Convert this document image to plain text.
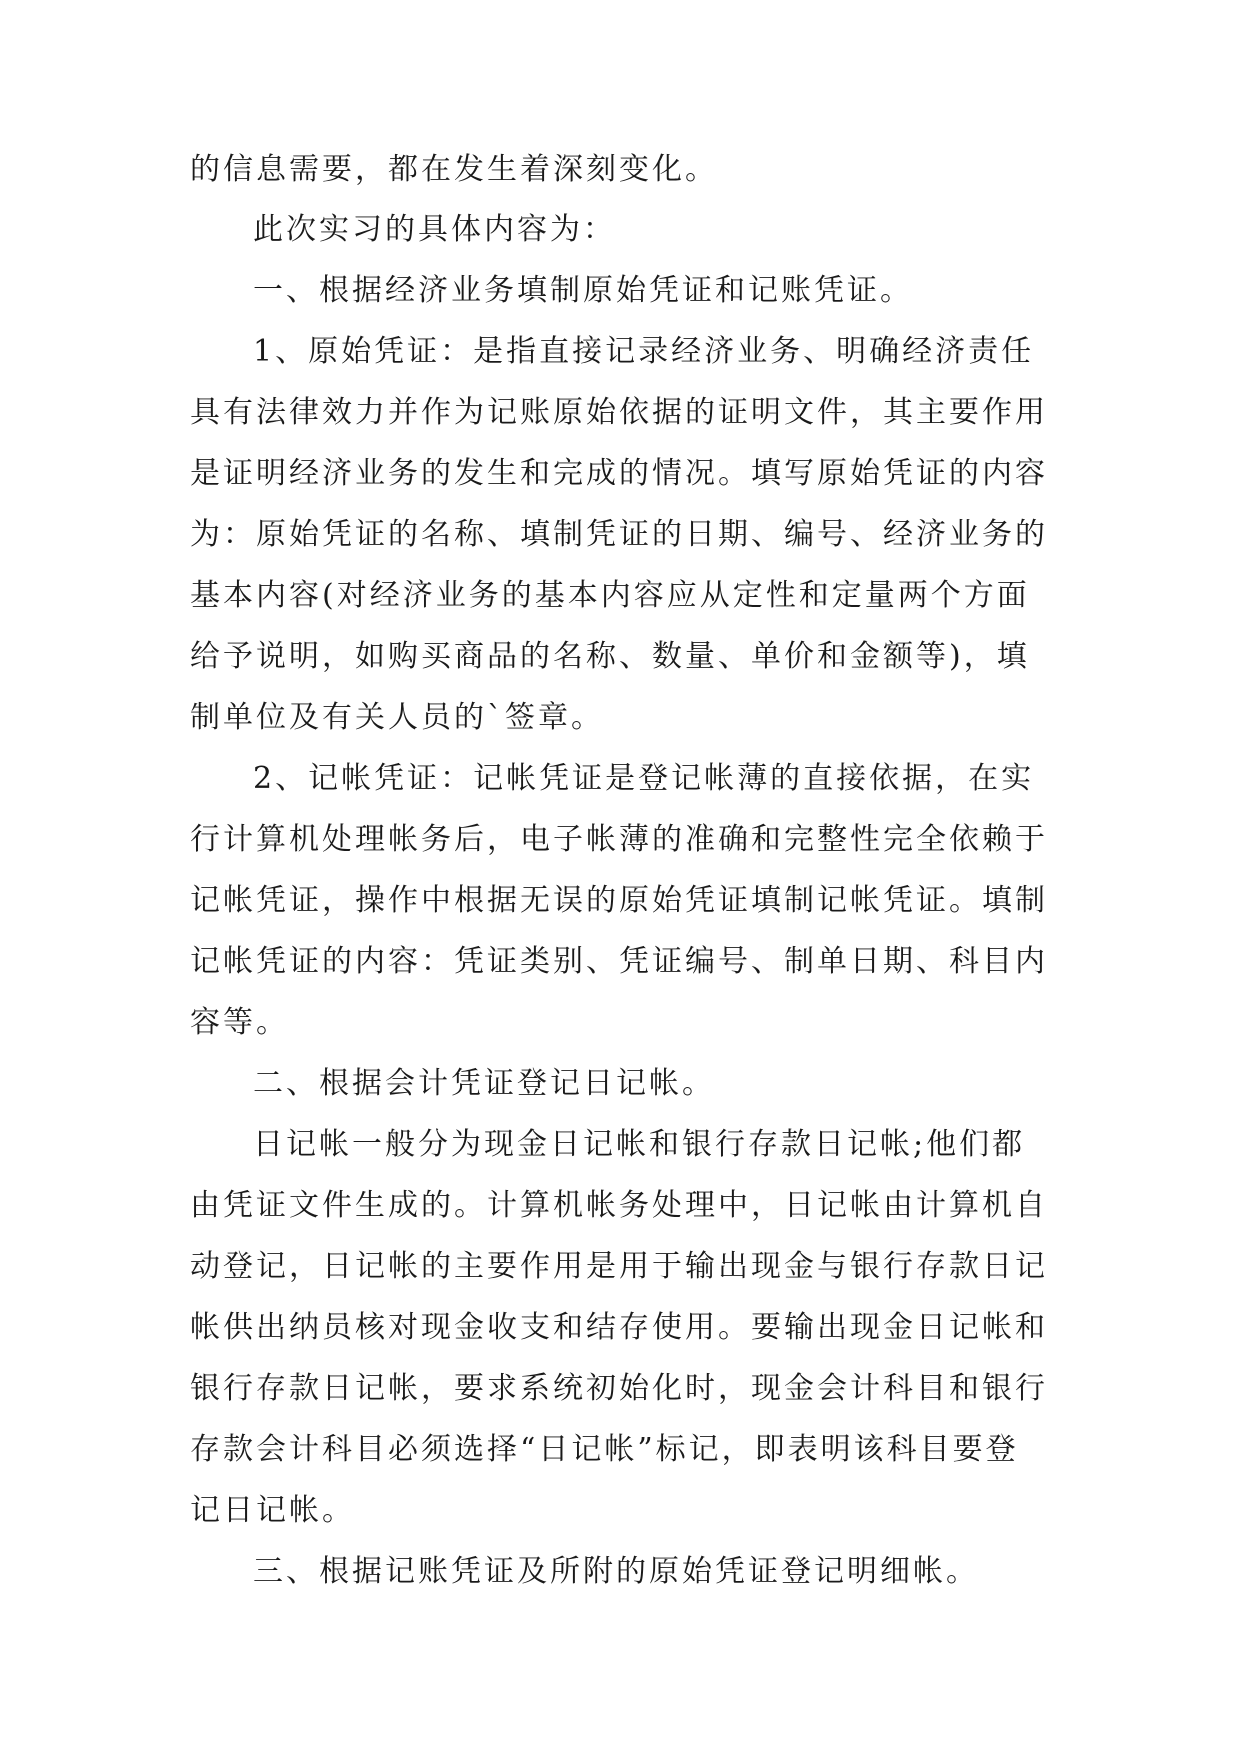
的信息需要，都在发生着深刻变化。
此次实习的具体内容为：
一、根据经济业务填制原始凭证和记账凭证。
1、原始凭证：是指直接记录经济业务、明确经济责任
具有法律效力并作为记账原始依据的证明文件，其主要作用
是证明经济业务的发生和完成的情况。填写原始凭证的内容
为：原始凭证的名称、填制凭证的日期、编号、经济业务的
基本内容(对经济业务的基本内容应从定性和定量两个方面
给予说明，如购买商品的名称、数量、单价和金额等)，填
制单位及有关人员的`签章。
2、记帐凭证：记帐凭证是登记帐薄的直接依据，在实
行计算机处理帐务后，电子帐薄的准确和完整性完全依赖于
记帐凭证，操作中根据无误的原始凭证填制记帐凭证。填制
记帐凭证的内容：凭证类别、凭证编号、制单日期、科目内
容等。
二、根据会计凭证登记日记帐。
日记帐一般分为现金日记帐和银行存款日记帐;他们都
由凭证文件生成的。计算机帐务处理中，日记帐由计算机自
动登记，日记帐的主要作用是用于输出现金与银行存款日记
帐供出纳员核对现金收支和结存使用。要输出现金日记帐和
银行存款日记帐，要求系统初始化时，现金会计科目和银行
存款会计科目必须选择“日记帐”标记，即表明该科目要登
记日记帐。
三、根据记账凭证及所附的原始凭证登记明细帐。
